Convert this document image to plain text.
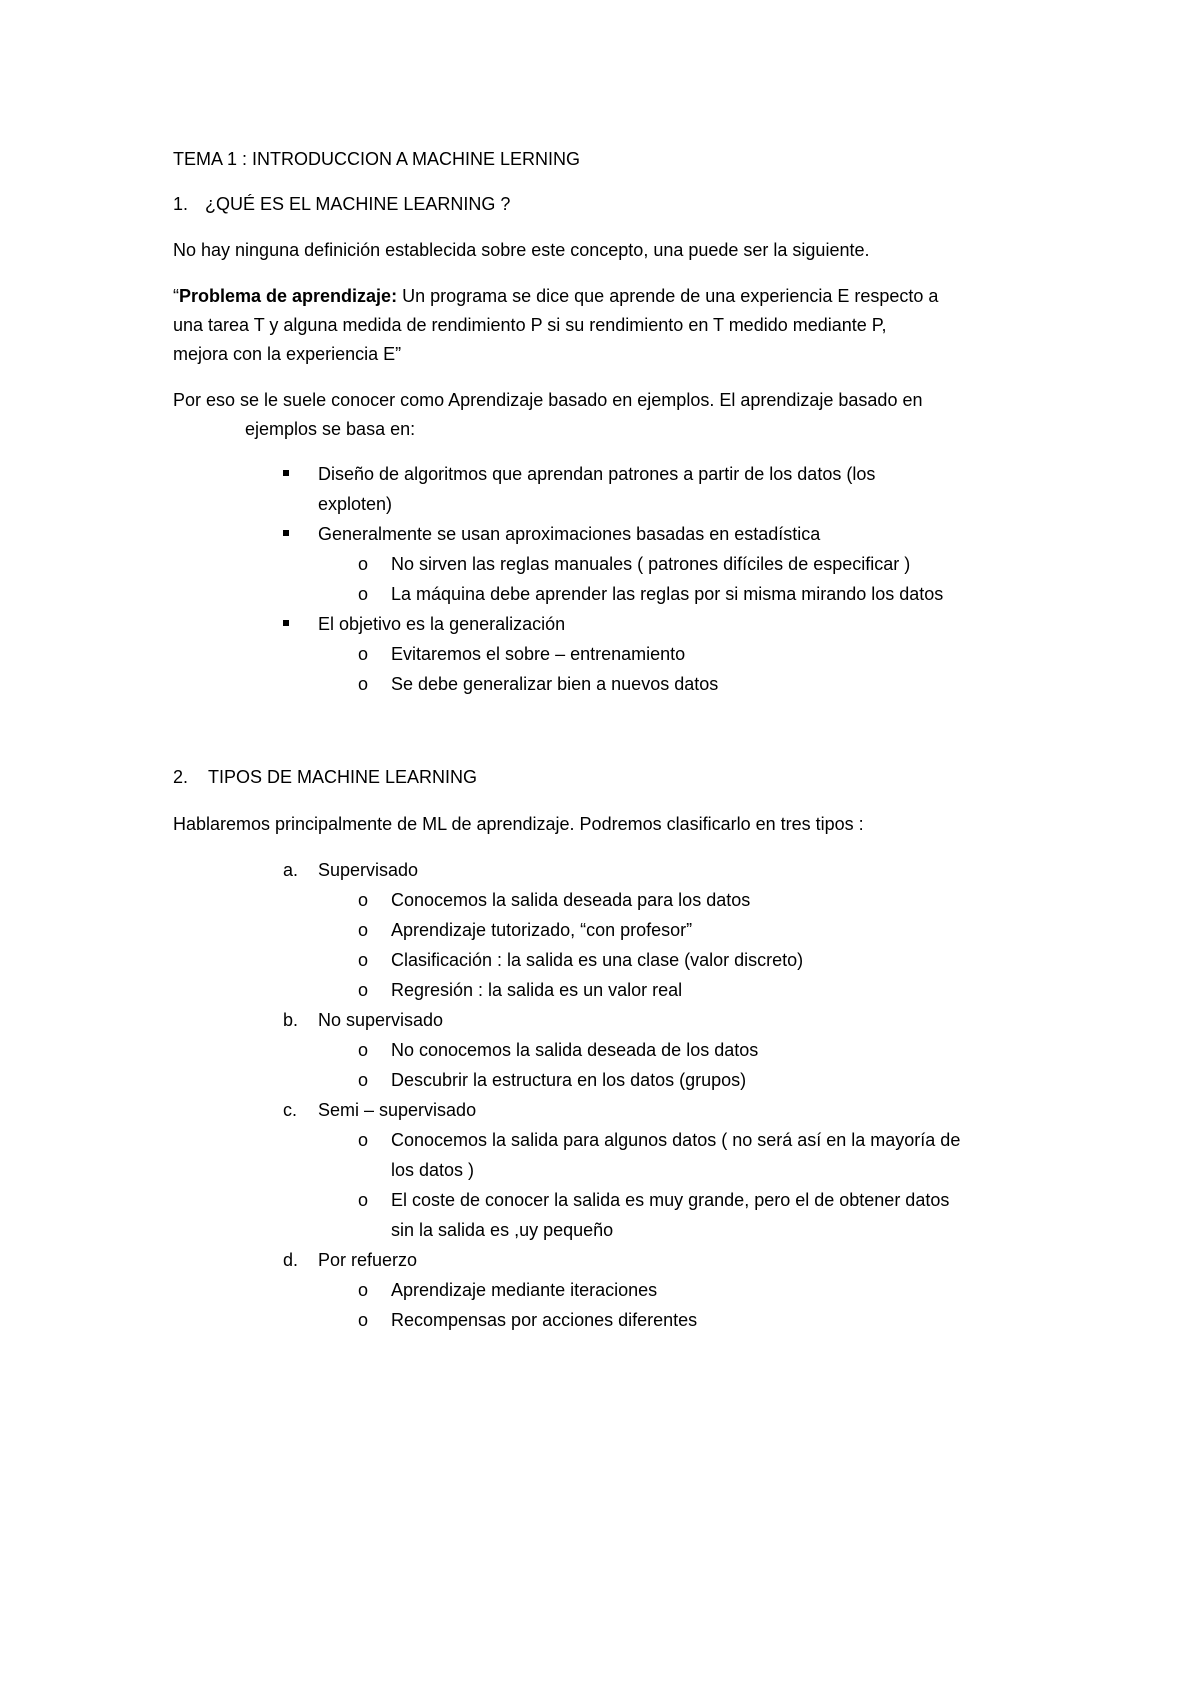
TEMA 1 : INTRODUCCION A MACHINE LERNING
1. ¿QUÉ ES EL MACHINE LEARNING ?
No hay ninguna definición establecida sobre este concepto, una puede ser la siguiente.
“Problema de aprendizaje: Un programa se dice que aprende de una experiencia E respecto a
una tarea T y alguna medida de rendimiento P si su rendimiento en T medido mediante P,
mejora con la experiencia E”
Por eso se le suele conocer como Aprendizaje basado en ejemplos. El aprendizaje basado en
ejemplos se basa en:
Diseño de algoritmos que aprendan patrones a partir de los datos (los
exploten)
Generalmente se usan aproximaciones basadas en estadística
o No sirven las reglas manuales ( patrones difíciles de especificar )
o La máquina debe aprender las reglas por si misma mirando los datos
El objetivo es la generalización
o Evitaremos el sobre – entrenamiento
o Se debe generalizar bien a nuevos datos
2. TIPOS DE MACHINE LEARNING
Hablaremos principalmente de ML de aprendizaje. Podremos clasificarlo en tres tipos :
a. Supervisado
o Conocemos la salida deseada para los datos
o Aprendizaje tutorizado, “con profesor”
o Clasificación : la salida es una clase (valor discreto)
o Regresión : la salida es un valor real
b. No supervisado
o No conocemos la salida deseada de los datos
o Descubrir la estructura en los datos (grupos)
c. Semi – supervisado
o Conocemos la salida para algunos datos ( no será así en la mayoría de
los datos )
o El coste de conocer la salida es muy grande, pero el de obtener datos
sin la salida es ,uy pequeño
d. Por refuerzo
o Aprendizaje mediante iteraciones
o Recompensas por acciones diferentes
